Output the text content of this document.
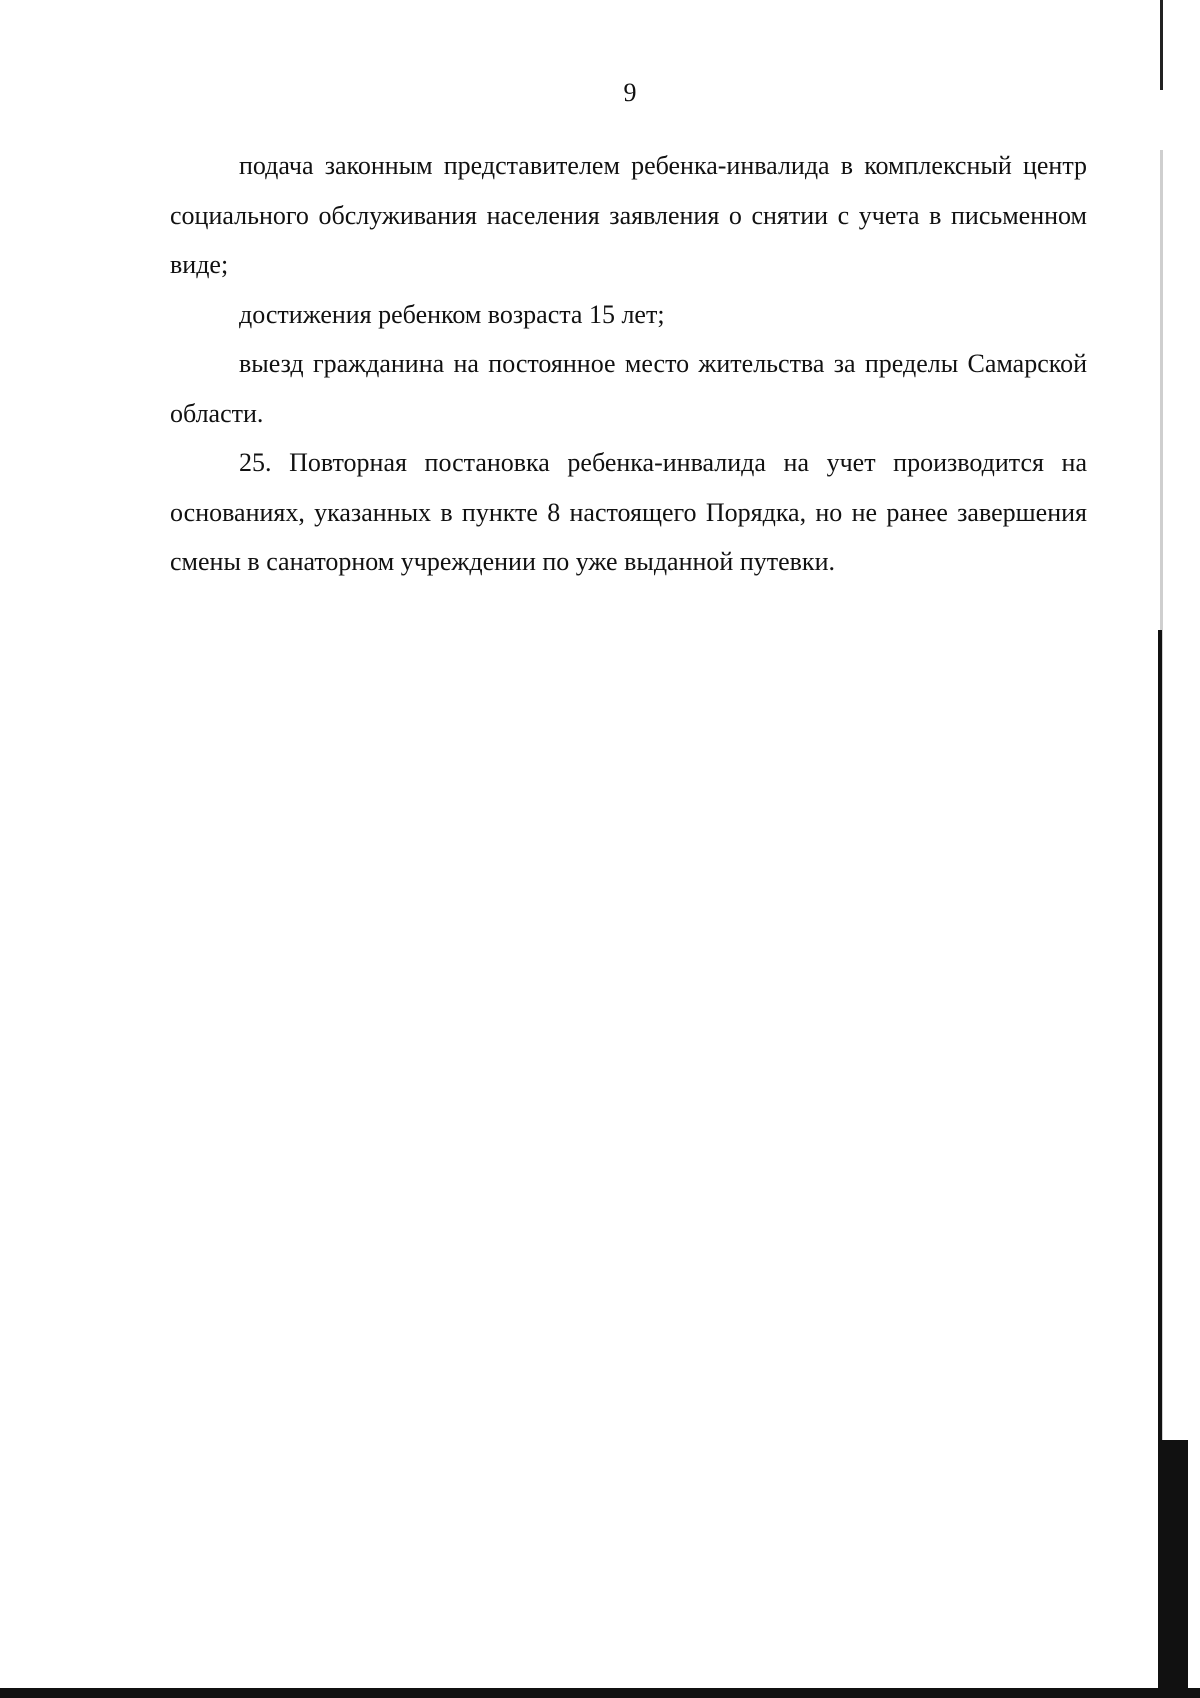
9

подача законным представителем ребенка-инвалида в комплексный центр социального обслуживания населения заявления о снятии с учета в письменном виде;

достижения ребенком возраста 15 лет;

выезд гражданина на постоянное место жительства за пределы Самарской области.

25. Повторная постановка ребенка-инвалида на учет производится на основаниях, указанных в пункте 8 настоящего Порядка, но не ранее завершения смены в санаторном учреждении по уже выданной путевки.
